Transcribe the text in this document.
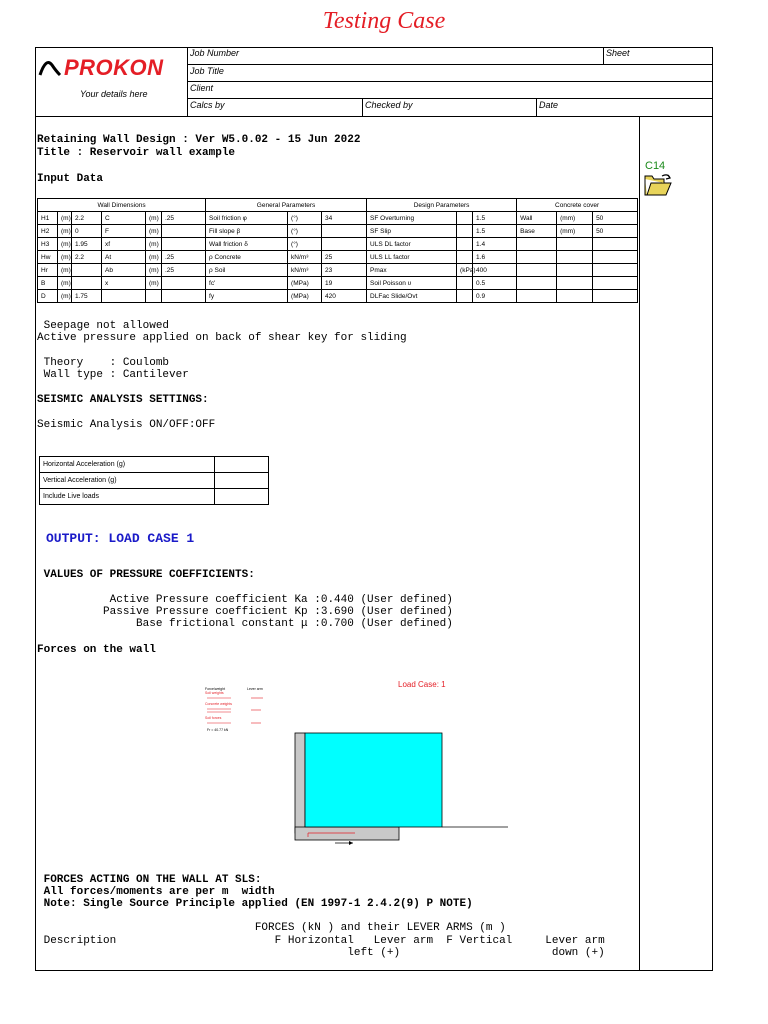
Testing Case
Job Number	Sheet
Job Title
Client
Calcs by	Checked by	Date
PROKON
Your details here
C14
Retaining Wall Design : Ver W5.0.02 - 15 Jun 2022
Title : Reservoir wall example
Input Data
Wall Dimensions						General Parameters			Design Parameters			Concrete cover		
H1	(m)	2.2	C	(m)	.25	Soil friction φ	(°)	34	SF Overturning		1.5	Wall	(mm)	50
H2	(m)	0	F	(m)		Fill slope β	(°)		SF Slip		1.5	Base	(mm)	50
H3	(m)	1.95	xf	(m)		Wall friction δ	(°)		ULS DL factor		1.4			
Hw	(m)	2.2	At	(m)	.25	ρ Concrete	kN/m³	25	ULS LL factor		1.6			
Hr	(m)		Ab	(m)	.25	ρ Soil	kN/m³	23	Pmax	(kPa)	400			
B	(m)		x	(m)		fc'	(MPa)	19	Soil Poisson υ		0.5			
D	(m)	1.75				fy	(MPa)	420	DLFac Slide/Ovt		0.9			
Seepage not allowed
Active pressure applied on back of shear key for sliding
Theory    : Coulomb
Wall type : Cantilever
SEISMIC ANALYSIS SETTINGS:
Seismic Analysis ON/OFF:OFF
Horizontal Acceleration (g)	
Vertical Acceleration (g)	
Include Live loads	
OUTPUT: LOAD CASE 1
VALUES OF PRESSURE COEFFICIENTS:
Active Pressure coefficient Ka :0.440 (User defined)
Passive Pressure coefficient Kp :3.690 (User defined)
Base frictional constant μ :0.700 (User defined)
Forces on the wall
Load Case: 1
Force/weight	Lever arm
Soil weights
Concrete weights
Soil forces
Fr = 40.77 kN
FORCES ACTING ON THE WALL AT SLS:
All forces/moments are per m  width
Note: Single Source Principle applied (EN 1997-1 2.4.2(9) P NOTE)
FORCES (kN ) and their LEVER ARMS (m )
Description                        F Horizontal   Lever arm  F Vertical     Lever arm
left (+)                       down (+)
